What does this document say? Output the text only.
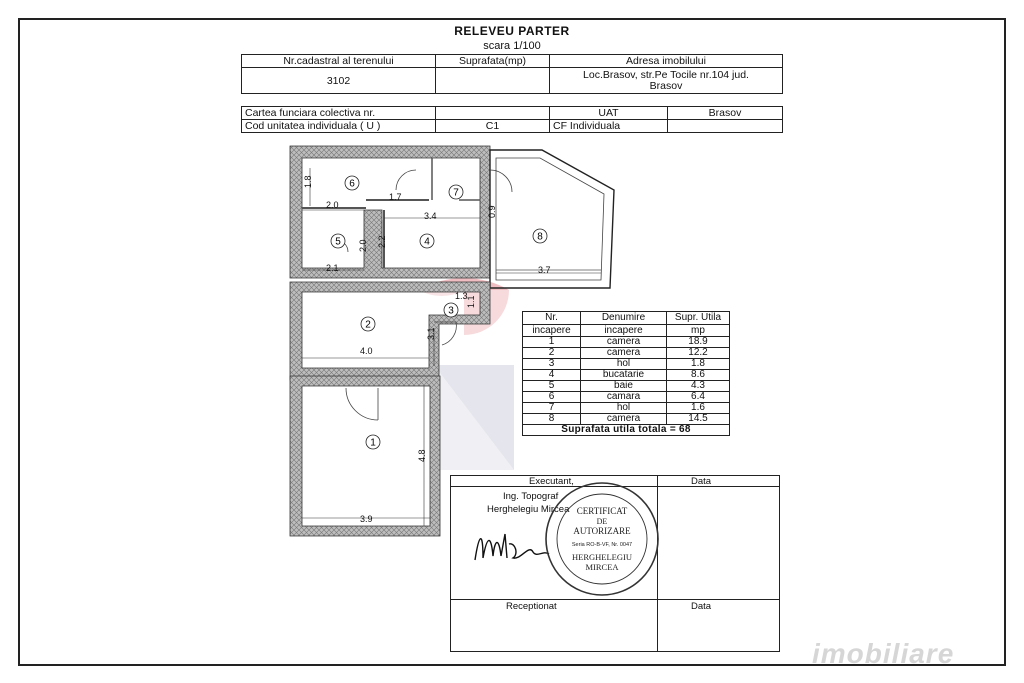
RELEVEU PARTER
scara 1/100
Nr.cadastral al terenului	Suprafata(mp)	Adresa imobilului
3102		Loc.Brasov, str.Pe Tocile nr.104 jud.
Brasov
Cartea funciara colectiva nr.		UAT	Brasov
Cod unitatea individuala ( U )	C1	CF Individuala	
6
7
5	4	8
3
2
1
1.8
2.0
1.7
3.4	0.9
2.2
2.0
2.1	3.7
1.3
1.1
3.1
4.0
4.8
3.9
Nr.	Denumire	Supr. Utila
incapere	incapere	mp
1	camera	18.9
2	camera	12.2
3	hol	1.8
4	bucatarie	8.6
5	baie	4.3
6	camara	6.4
7	hol	1.6
8	camera	14.5
Suprafata utila totala = 68		
Executant,	Data
Ing. Topograf
Herghelegiu Mircea
Receptionat	Data
CERTIFICAT
DE
AUTORIZARE
Seria RO-B-VF, Nr. 0047
HERGHELEGIU
MIRCEA
imobiliare
